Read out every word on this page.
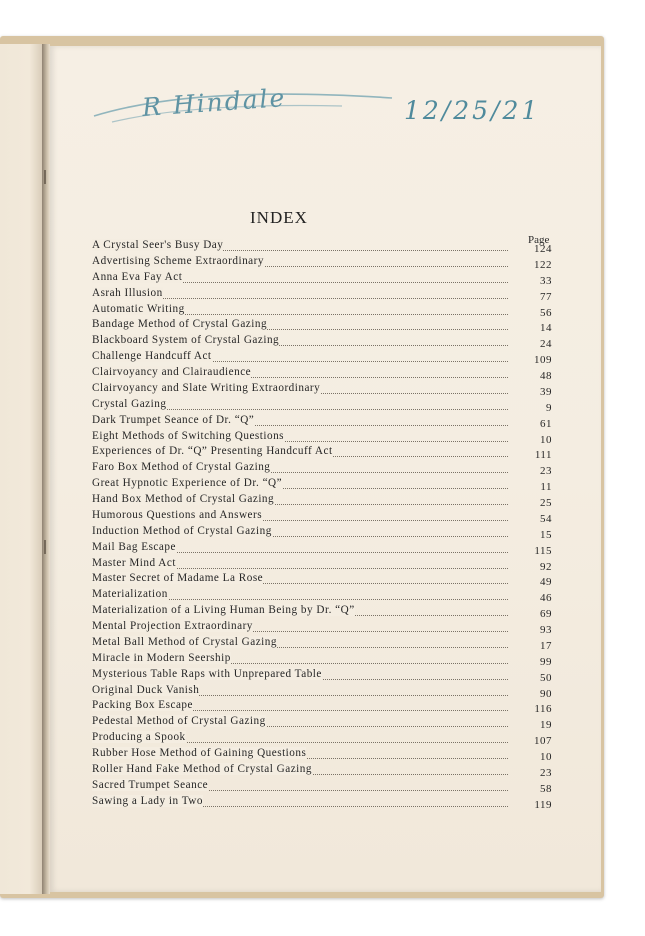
R Hindale	12/25/21
INDEX
Page
A Crystal Seer's Busy Day	124
Advertising Scheme Extraordinary	122
Anna Eva Fay Act	33
Asrah Illusion	77
Automatic Writing	56
Bandage Method of Crystal Gazing	14
Blackboard System of Crystal Gazing	24
Challenge Handcuff Act	109
Clairvoyancy and Clairaudience	48
Clairvoyancy and Slate Writing Extraordinary	39
Crystal Gazing	9
Dark Trumpet Seance of Dr. “Q”	61
Eight Methods of Switching Questions	10
Experiences of Dr. “Q” Presenting Handcuff Act	111
Faro Box Method of Crystal Gazing	23
Great Hypnotic Experience of Dr. “Q”	11
Hand Box Method of Crystal Gazing	25
Humorous Questions and Answers	54
Induction Method of Crystal Gazing	15
Mail Bag Escape	115
Master Mind Act	92
Master Secret of Madame La Rose	49
Materialization	46
Materialization of a Living Human Being by Dr. “Q”	69
Mental Projection Extraordinary	93
Metal Ball Method of Crystal Gazing	17
Miracle in Modern Seership	99
Mysterious Table Raps with Unprepared Table	50
Original Duck Vanish	90
Packing Box Escape	116
Pedestal Method of Crystal Gazing	19
Producing a Spook	107
Rubber Hose Method of Gaining Questions	10
Roller Hand Fake Method of Crystal Gazing	23
Sacred Trumpet Seance	58
Sawing a Lady in Two	119
